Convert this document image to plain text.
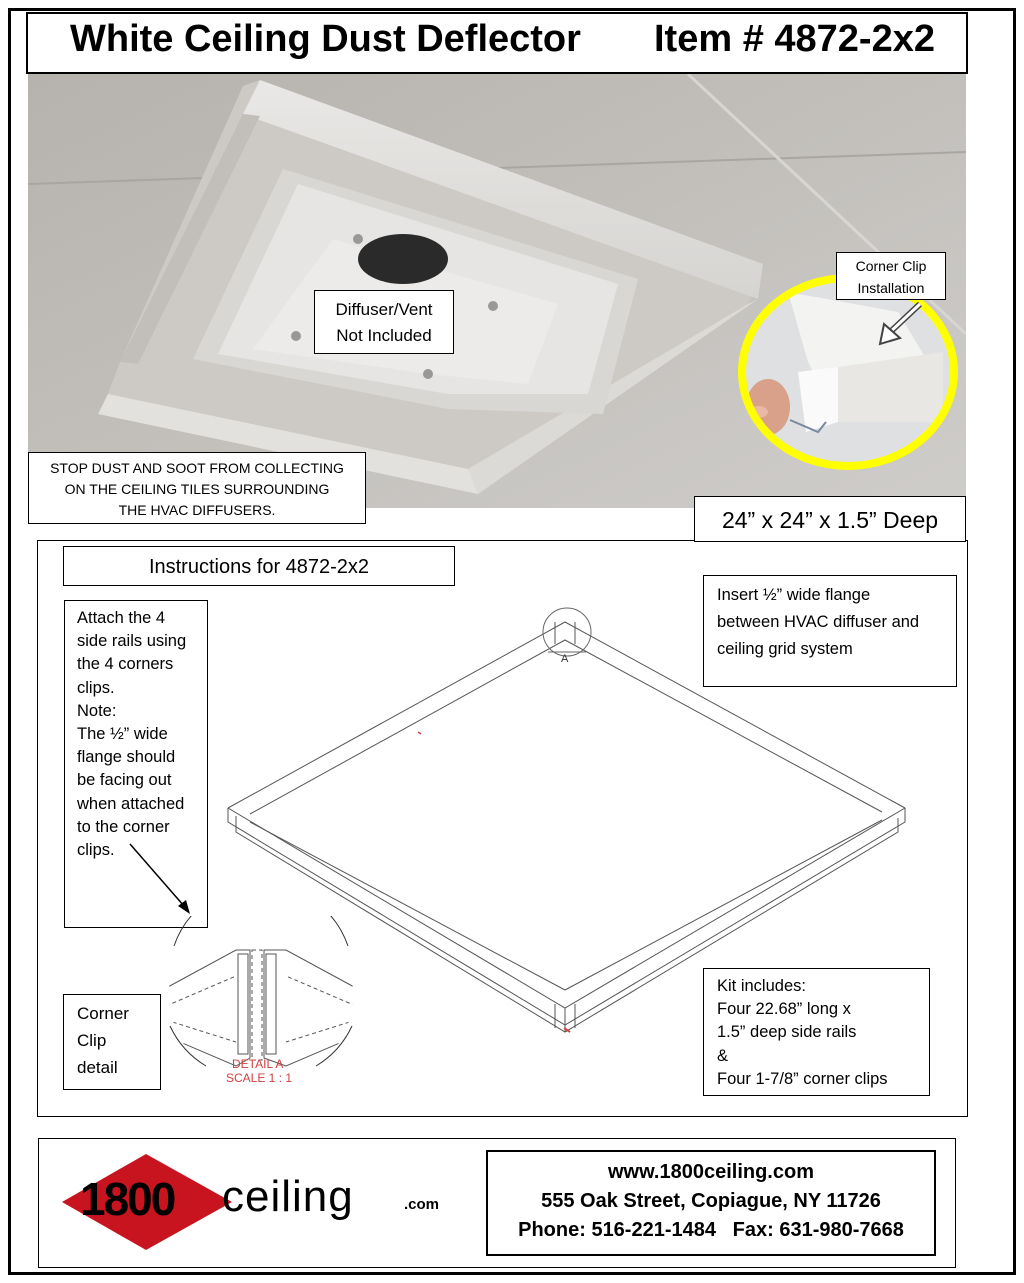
White Ceiling Dust Deflector Item # 4872-2x2
Diffuser/Vent
Not Included
Corner Clip
Installation
STOP DUST AND SOOT FROM COLLECTING
ON THE CEILING TILES SURROUNDING
THE HVAC DIFFUSERS.	24” x 24” x 1.5” Deep
Instructions for 4872-2x2
Attach the 4
side rails using
the 4 corners
clips.
Note:
The ½” wide
flange should
be facing out
when attached
to the corner
clips.
Insert ½” wide flange
between HVAC diffuser and
ceiling grid system
A
DETAIL A
SCALE 1 : 1
Corner
Clip
detail
Kit includes:
Four 22.68” long x
1.5” deep side rails
&
Four 1-7/8” corner clips
1800 ceiling	.com
www.1800ceiling.com
555 Oak Street, Copiague, NY 11726
Phone: 516-221-1484   Fax: 631-980-7668
